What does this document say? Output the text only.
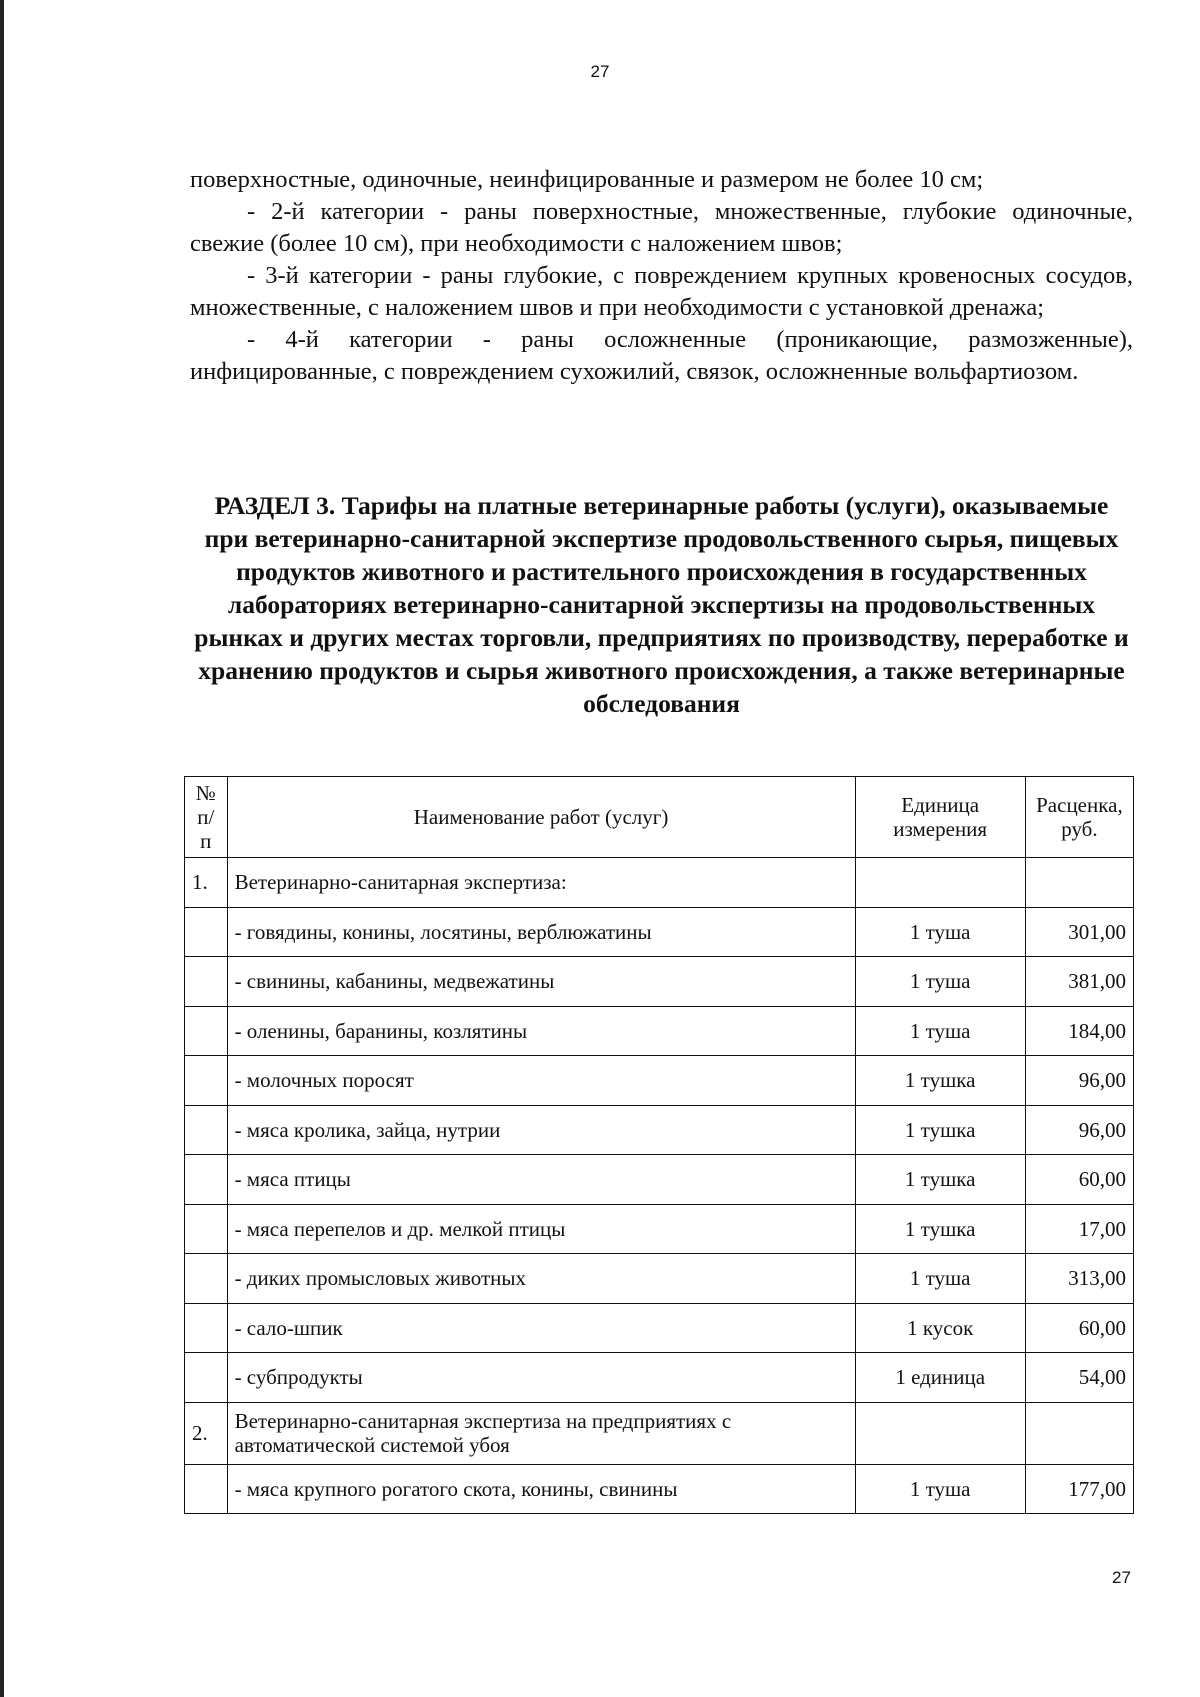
27

поверхностные, одиночные, неинфицированные и размером не более 10 см;

- 2-й категории - раны поверхностные, множественные, глубокие одиночные, свежие (более 10 см), при необходимости с наложением швов;

- 3-й категории - раны глубокие, с повреждением крупных кровеносных сосудов, множественные, с наложением швов и при необходимости с установкой дренажа;

- 4-й категории - раны осложненные (проникающие, размозженные), инфицированные, с повреждением сухожилий, связок, осложненные вольфартиозом.

РАЗДЕЛ 3. Тарифы на платные ветеринарные работы (услуги), оказываемые при ветеринарно-санитарной экспертизе продовольственного сырья, пищевых продуктов животного и растительного происхождения в государственных лабораториях ветеринарно-санитарной экспертизы на продовольственных рынках и других местах торговли, предприятиях по производству, переработке и хранению продуктов и сырья животного происхождения, а также ветеринарные обследования
№ п/п	Наименование работ (услуг)	Единица измерения	Расценка, руб.
1.	Ветеринарно-санитарная экспертиза:		
	- говядины, конины, лосятины, верблюжатины	1 туша	301,00
	- свинины, кабанины, медвежатины	1 туша	381,00
	- оленины, баранины, козлятины	1 туша	184,00
	- молочных поросят	1 тушка	96,00
	- мяса кролика, зайца, нутрии	1 тушка	96,00
	- мяса птицы	1 тушка	60,00
	- мяса перепелов и др. мелкой птицы	1 тушка	17,00
	- диких промысловых животных	1 туша	313,00
	- сало-шпик	1 кусок	60,00
	- субпродукты	1 единица	54,00
2.	Ветеринарно-санитарная экспертиза на предприятиях с автоматической системой убоя		
	- мяса крупного рогатого скота, конины, свинины	1 туша	177,00
27
